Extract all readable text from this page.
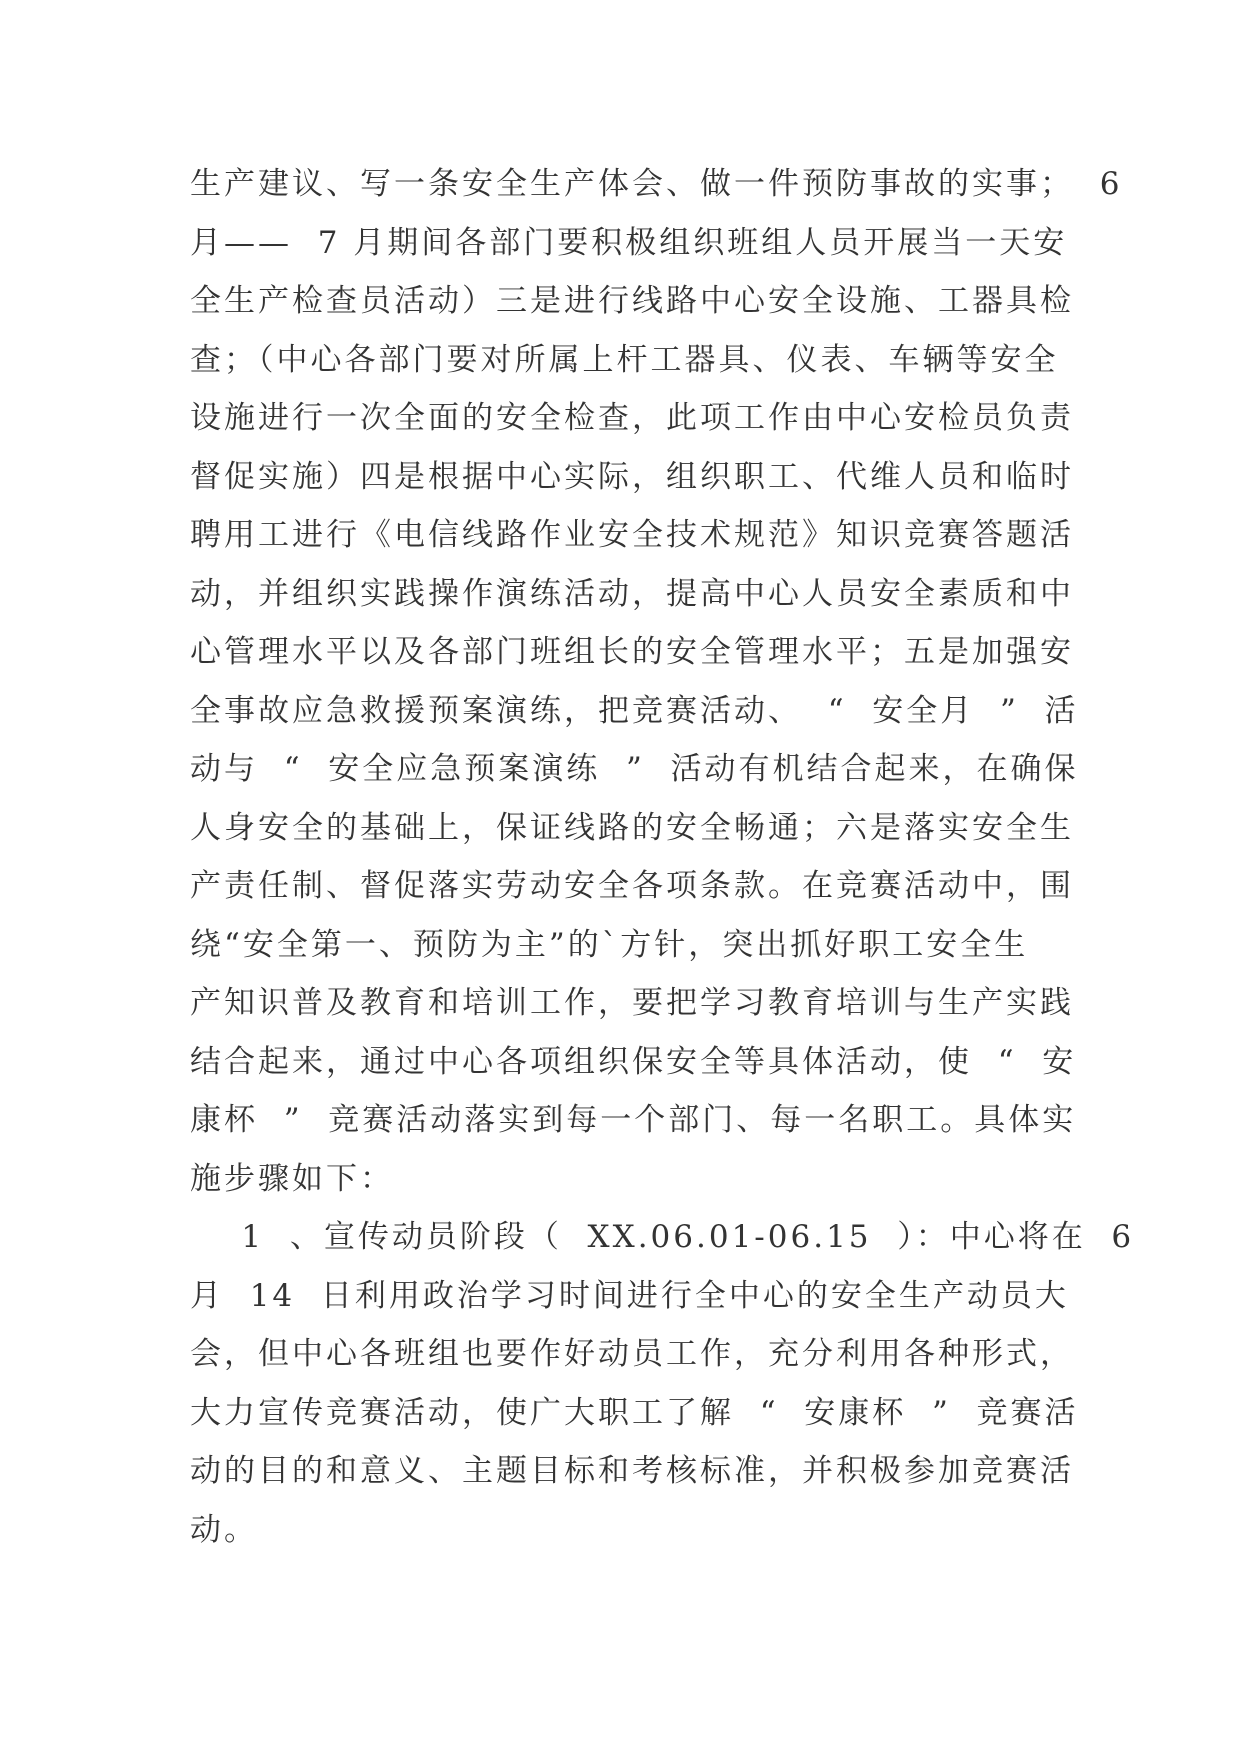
生产建议、写一条安全生产体会、做一件预防事故的实事；  6
月——  7 月期间各部门要积极组织班组人员开展当一天安
全生产检查员活动）三是进行线路中心安全设施、工器具检
查；（中心各部门要对所属上杆工器具、仪表、车辆等安全
设施进行一次全面的安全检查，此项工作由中心安检员负责
督促实施）四是根据中心实际，组织职工、代维人员和临时
聘用工进行《电信线路作业安全技术规范》知识竞赛答题活
动，并组织实践操作演练活动，提高中心人员安全素质和中
心管理水平以及各部门班组长的安全管理水平；五是加强安
全事故应急救援预案演练，把竞赛活动、  “  安全月  ”  活
动与  “  安全应急预案演练  ”  活动有机结合起来，在确保
人身安全的基础上，保证线路的安全畅通；六是落实安全生
产责任制、督促落实劳动安全各项条款。在竞赛活动中，围
绕“安全第一、预防为主”的`方针，突出抓好职工安全生
产知识普及教育和培训工作，要把学习教育培训与生产实践
结合起来，通过中心各项组织保安全等具体活动，使  “  安
康杯  ”  竞赛活动落实到每一个部门、每一名职工。具体实
施步骤如下：
1  、宣传动员阶段（  XX.06.01-06.15  ）：中心将在  6
月  14  日利用政治学习时间进行全中心的安全生产动员大
会，但中心各班组也要作好动员工作，充分利用各种形式，
大力宣传竞赛活动，使广大职工了解  “  安康杯  ”  竞赛活
动的目的和意义、主题目标和考核标准，并积极参加竞赛活
动。
